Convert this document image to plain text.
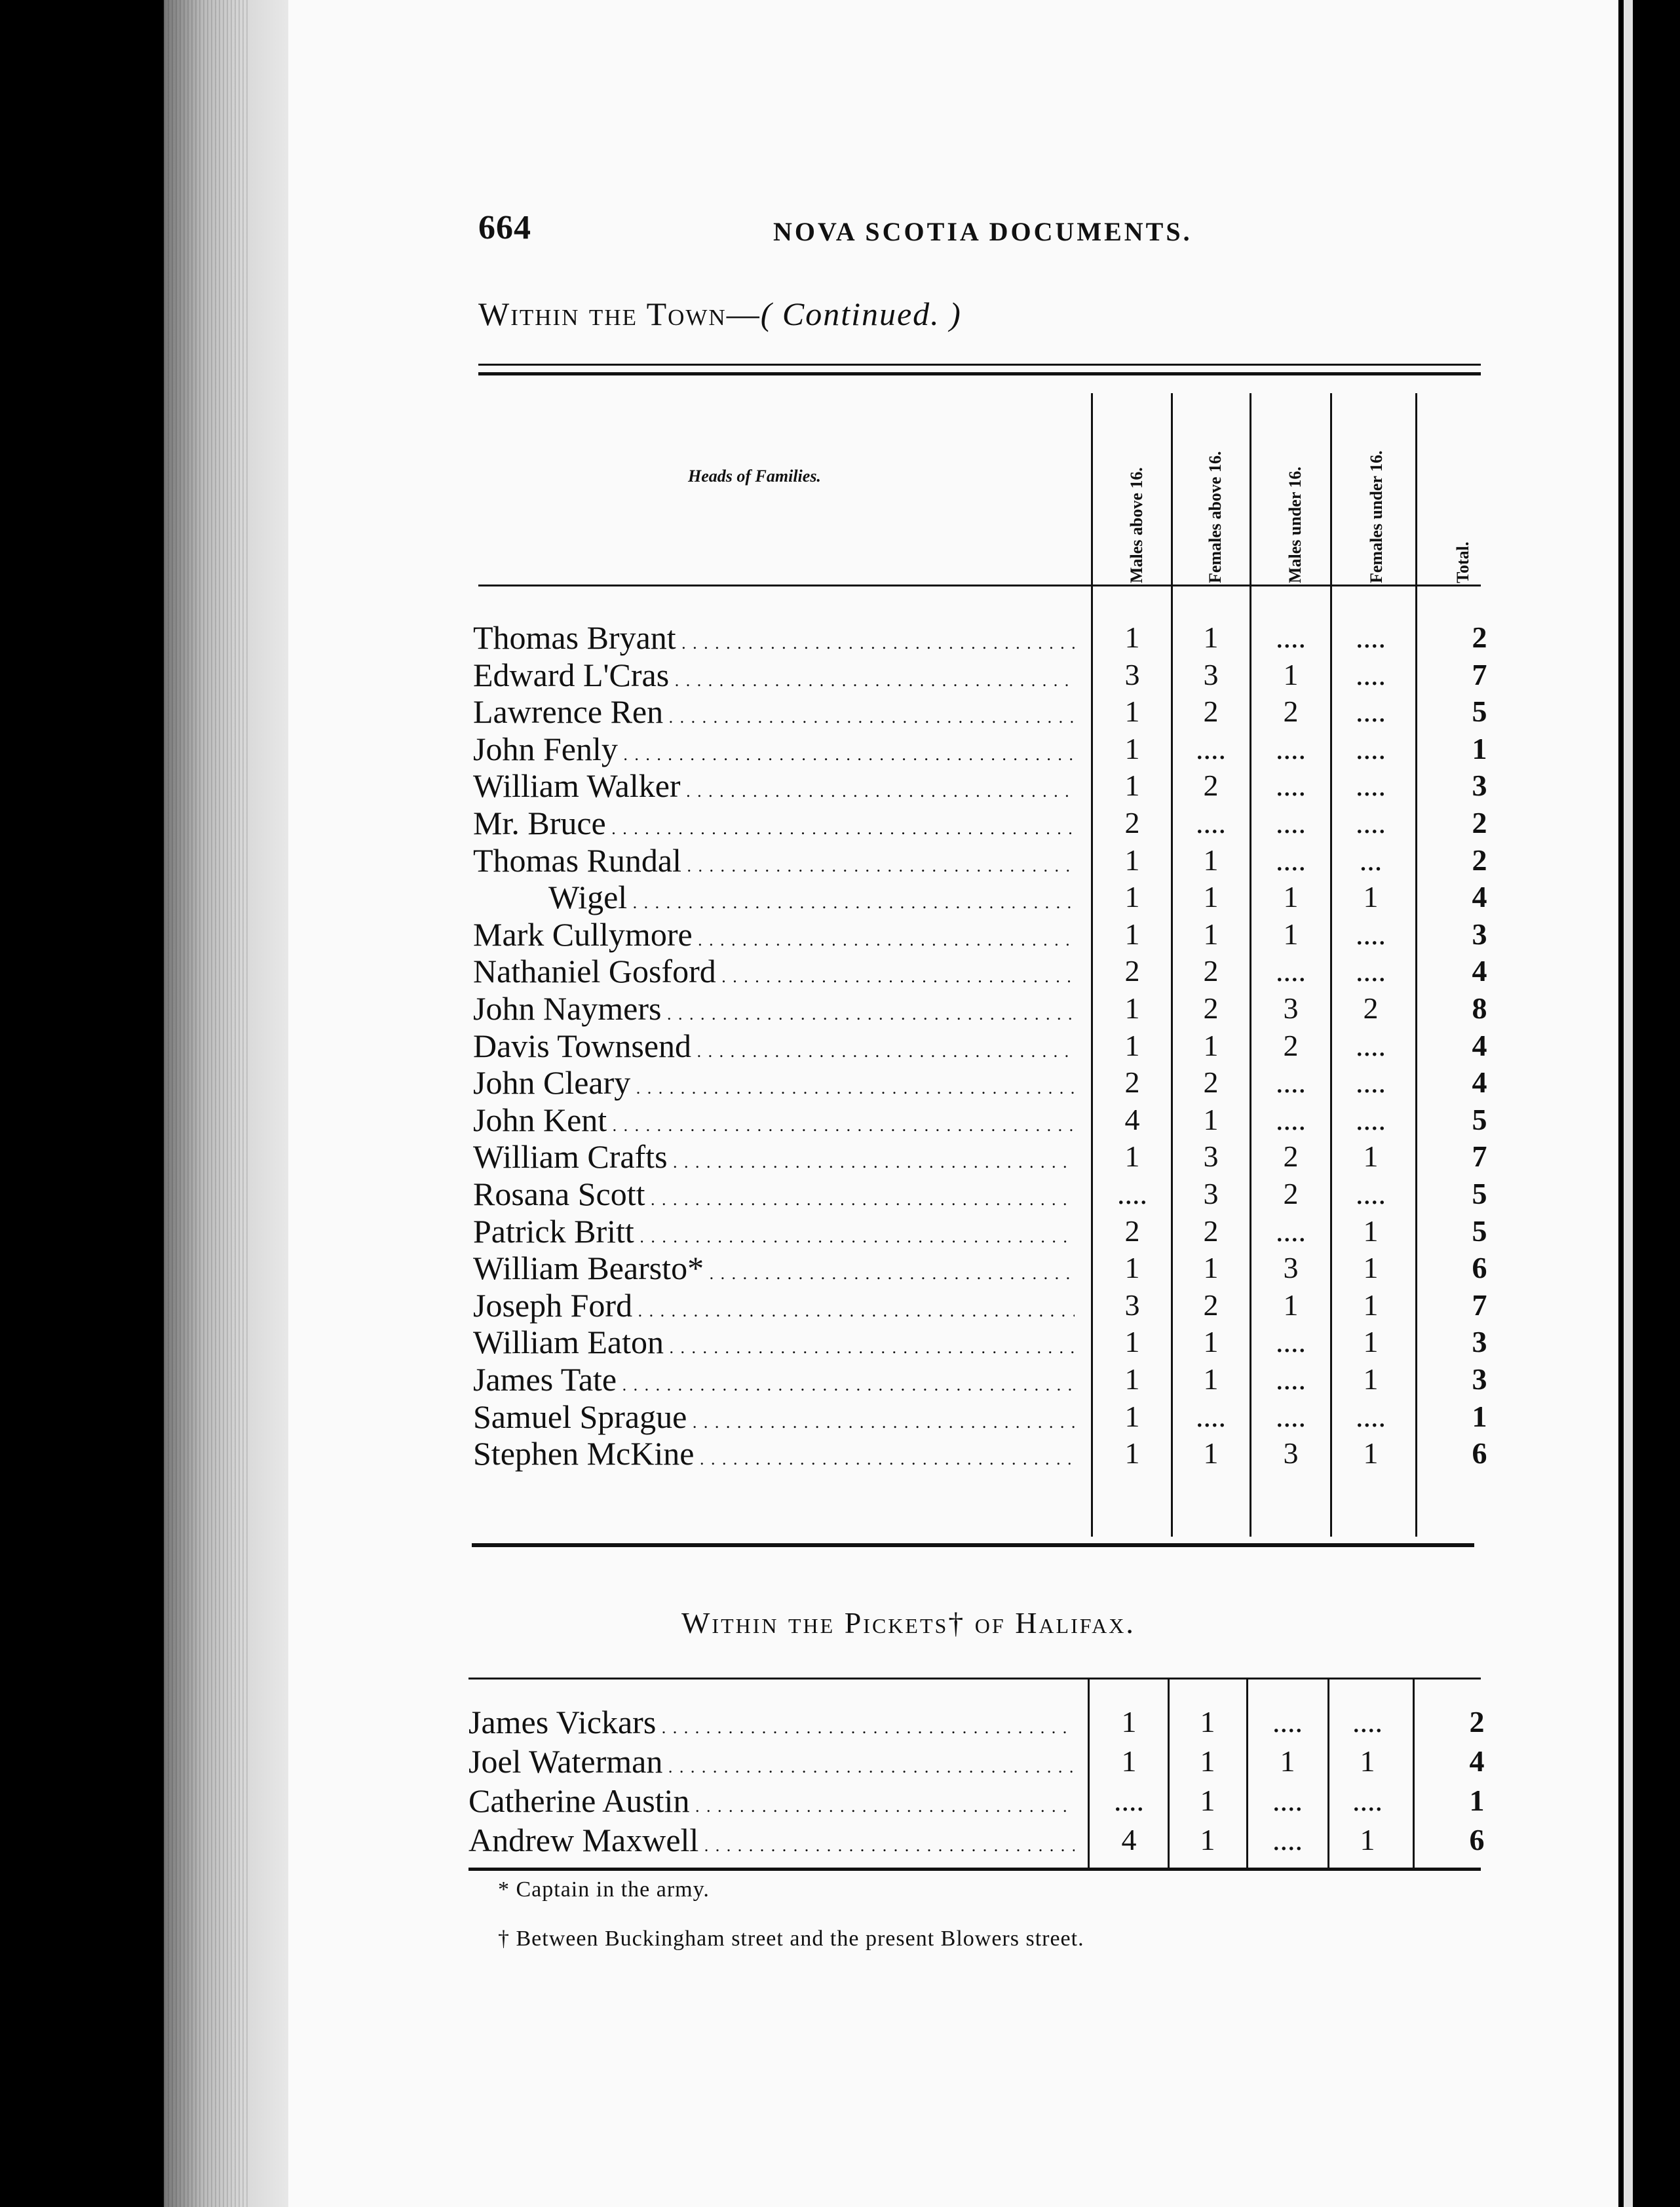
664	NOVA SCOTIA DOCUMENTS.
Within the Town—( Continued. )
Heads of Families.	Males above 16.	Females above 16.	Males under 16.	Females under 16.	Total.
Thomas Bryant . . .	1	1	....	....	2
Edward L'Cras . . .	3	3	1	....	7
Lawrence Ren . . .	1	2	2	....	5
John Fenly . . .	1	....	....	....	1
William Walker . . .	1	2	....	....	3
Mr. Bruce . . .	2	....	....	....	2
Thomas Rundal . . .	1	1	....	...	2
Wigel . . .	1	1	1	1	4
Mark Cullymore . . .	1	1	1	....	3
Nathaniel Gosford . . .	2	2	....	....	4
John Naymers . . .	1	2	3	2	8
Davis Townsend . . .	1	1	2	....	4
John Cleary . . .	2	2	....	....	4
John Kent . . .	4	1	....	....	5
William Crafts . . .	1	3	2	1	7
Rosana Scott . . .	....	3	2	....	5
Patrick Britt . . .	2	2	....	1	5
William Bearsto* . . .	1	1	3	1	6
Joseph Ford . . .	3	2	1	1	7
William Eaton . . .	1	1	....	1	3
James Tate . . .	1	1	....	1	3
Samuel Sprague . . .	1	....	....	....	1
Stephen McKine . . .	1	1	3	1	6
Within the Pickets† of Halifax.
James Vickars . . .	1	1	....	....	2
Joel Waterman . . .	1	1	1	1	4
Catherine Austin . . .	....	1	....	....	1
Andrew Maxwell . . .	4	1	....	1	6
* Captain in the army.
† Between Buckingham street and the present Blowers street.
